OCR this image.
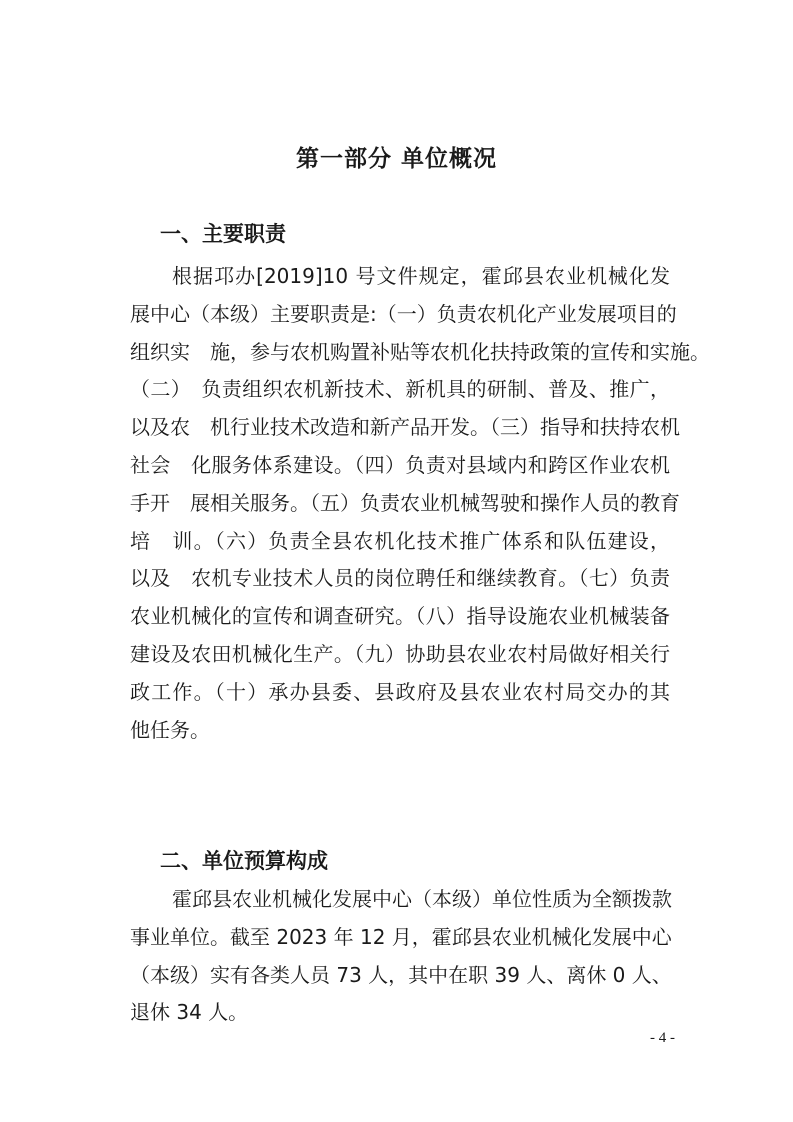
第一部分 单位概况
一、主要职责
根据邛办[2019]10 号文件规定，霍邱县农业机械化发
展中心（本级）主要职责是:（一）负责农机化产业发展项目的
组织实　施，参与农机购置补贴等农机化扶持政策的宣传和实施。
（二）　负责组织农机新技术、新机具的研制、普及、推广，
以及农　机行业技术改造和新产品开发。（三）指导和扶持农机
社会　化服务体系建设。（四）负责对县域内和跨区作业农机
手开　展相关服务。（五）负责农业机械驾驶和操作人员的教育
培　训。（六）负责全县农机化技术推广体系和队伍建设，
以及　农机专业技术人员的岗位聘任和继续教育。（七）负责
农业机械化的宣传和调查研究。（八）指导设施农业机械装备
建设及农田机械化生产。（九）协助县农业农村局做好相关行
政工作。（十）承办县委、县政府及县农业农村局交办的其
他任务。
二、单位预算构成
霍邱县农业机械化发展中心（本级）单位性质为全额拨款
事业单位。截至 2023 年 12 月，霍邱县农业机械化发展中心
（本级）实有各类人员 73 人，其中在职 39 人、离休 0 人、
退休 34 人。
- 4 -
